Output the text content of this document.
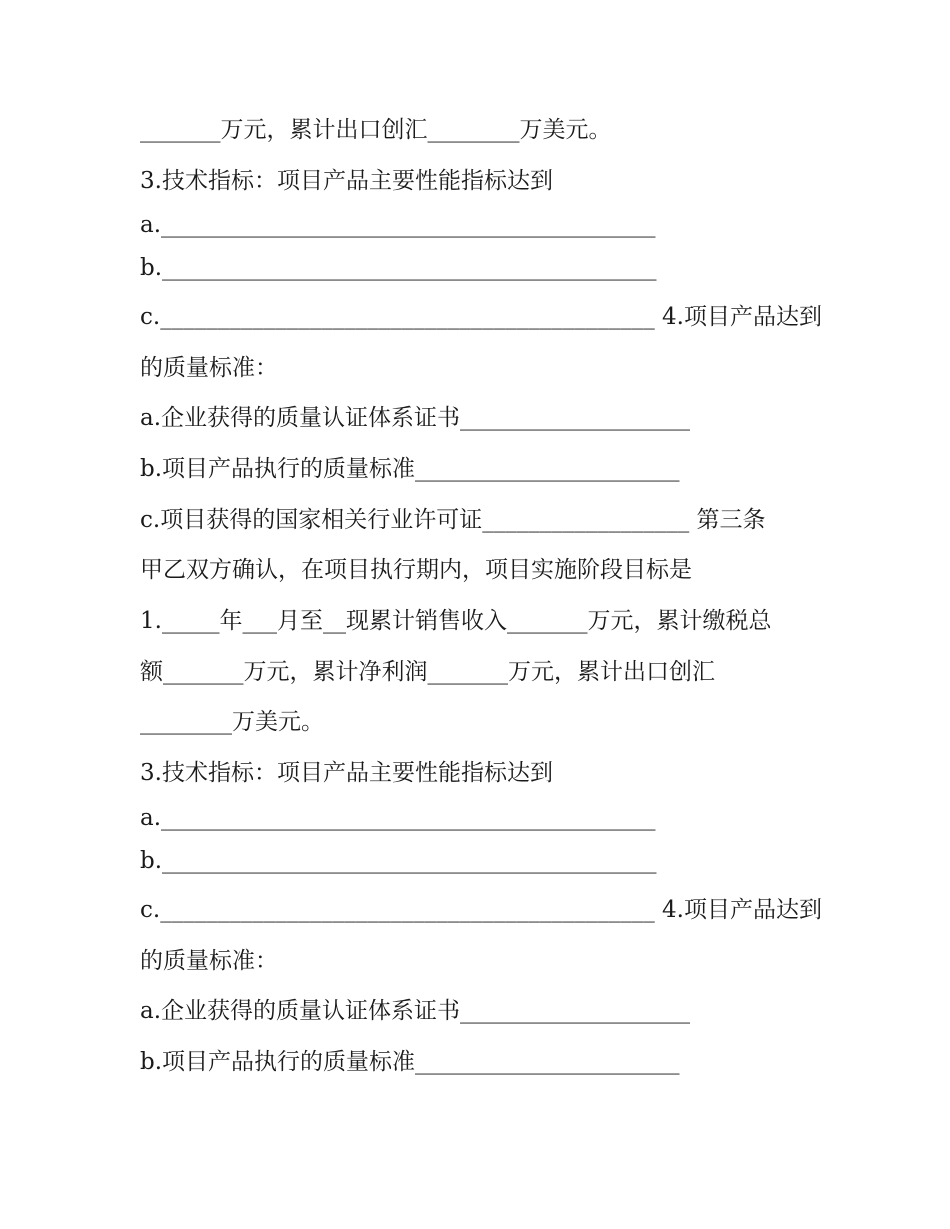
_______万元，累计出口创汇________万美元。
3.技术指标：项目产品主要性能指标达到
a.___________________________________________
b.___________________________________________
c.___________________________________________ 4.项目产品达到
的质量标准：
a.企业获得的质量认证体系证书____________________
b.项目产品执行的质量标准_______________________
c.项目获得的国家相关行业许可证__________________ 第三条
甲乙双方确认，在项目执行期内，项目实施阶段目标是
1._____年___月至__现累计销售收入_______万元，累计缴税总
额_______万元，累计净利润_______万元，累计出口创汇
________万美元。
3.技术指标：项目产品主要性能指标达到
a.___________________________________________
b.___________________________________________
c.___________________________________________ 4.项目产品达到
的质量标准：
a.企业获得的质量认证体系证书____________________
b.项目产品执行的质量标准_______________________
